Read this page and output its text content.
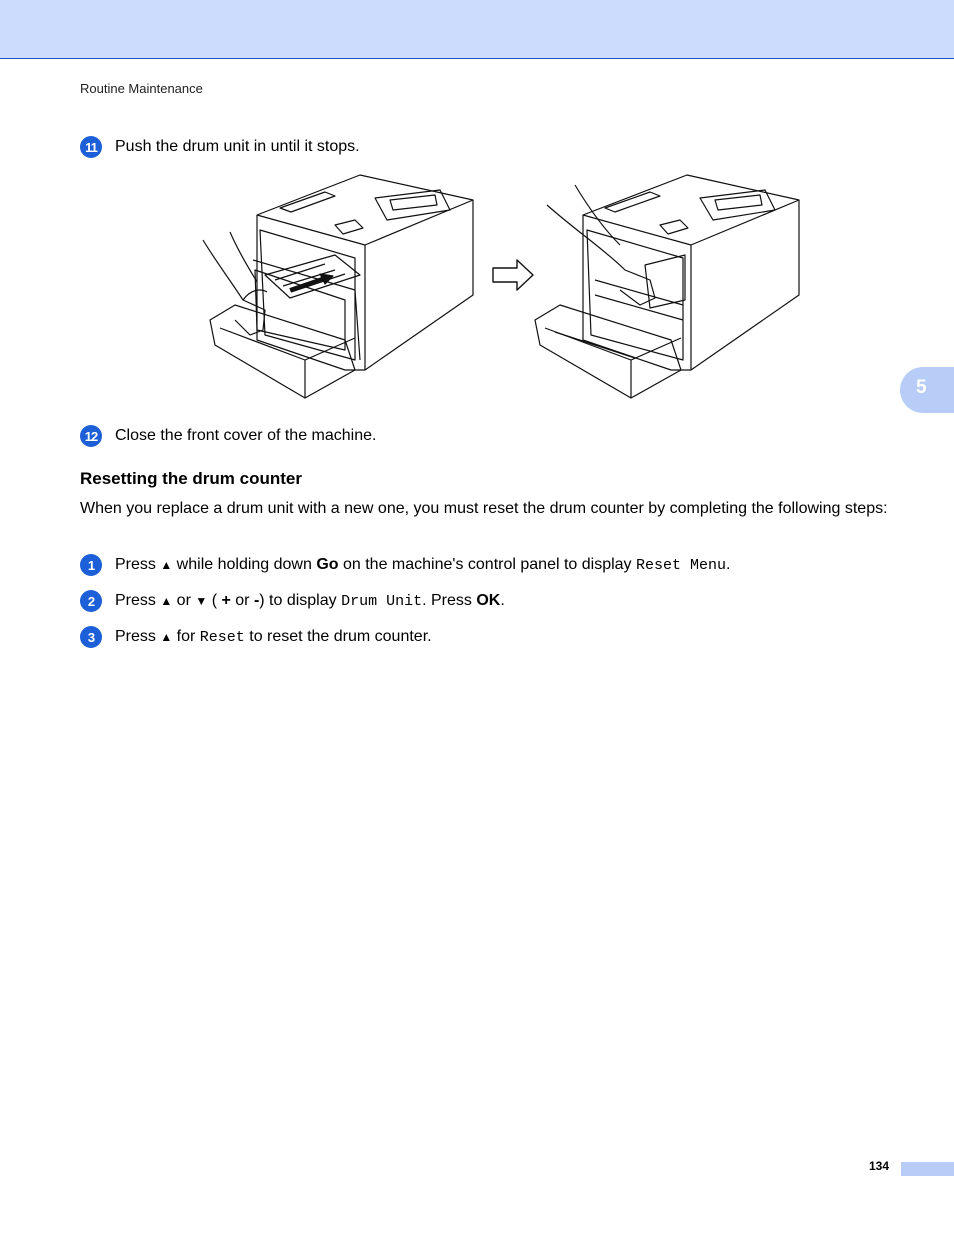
Routine Maintenance
5
11	Push the drum unit in until it stops.
12 Close the front cover of the machine.
Resetting the drum counter
When you replace a drum unit with a new one, you must reset the drum counter by completing the following steps:
1	Press ▲ while holding down Go on the machine's control panel to display Reset Menu.
2	Press ▲ or ▼ ( + or -) to display Drum Unit. Press OK.
3	Press ▲ for Reset to reset the drum counter.
134
